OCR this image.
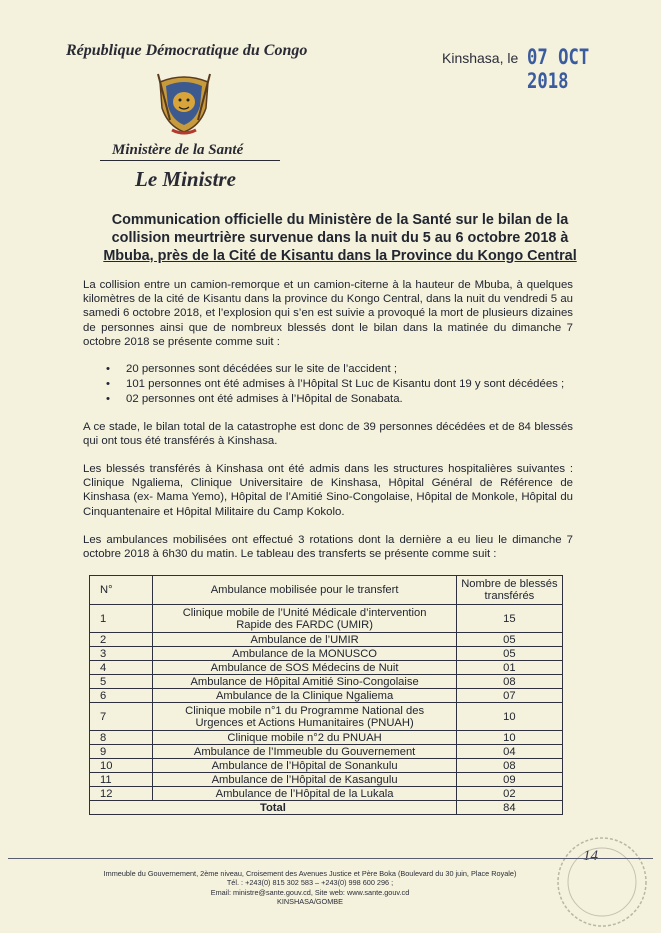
République Démocratique du Congo	Kinshasa, le 07 OCT 2018
Ministère de la Santé
Le Ministre
Communication officielle du Ministère de la Santé sur le bilan de la
collision meurtrière survenue dans la nuit du 5 au 6 octobre 2018 à
Mbuba, près de la Cité de Kisantu dans la Province du Kongo Central
La collision entre un camion-remorque et un camion-citerne à la hauteur de Mbuba, à quelques kilomètres de la cité de Kisantu dans la province du Kongo Central, dans la nuit du vendredi 5 au samedi 6 octobre 2018, et l’explosion qui s’en est suivie a provoqué la mort de plusieurs dizaines de personnes ainsi que de nombreux blessés dont le bilan dans la matinée du dimanche 7 octobre 2018 se présente comme suit :
• 20 personnes sont décédées sur le site de l’accident ;
• 101 personnes ont été admises à l’Hôpital St Luc de Kisantu dont 19 y sont décédées ;
• 02 personnes ont été admises à l’Hôpital de Sonabata.
A ce stade, le bilan total de la catastrophe est donc de 39 personnes décédées et de 84 blessés qui ont tous été transférés à Kinshasa.
Les blessés transférés à Kinshasa ont été admis dans les structures hospitalières suivantes : Clinique Ngaliema, Clinique Universitaire de Kinshasa, Hôpital Général de Référence de Kinshasa (ex- Mama Yemo), Hôpital de l’Amitié Sino-Congolaise, Hôpital de Monkole, Hôpital du Cinquantenaire et Hôpital Militaire du Camp Kokolo.
Les ambulances mobilisées ont effectué 3 rotations dont la dernière a eu lieu le dimanche 7 octobre 2018 à 6h30 du matin. Le tableau des transferts se présente comme suit :
N°	Ambulance mobilisée pour le transfert	Nombre de blessés
transférés

1	Clinique mobile de l’Unité Médicale d’intervention
Rapide des FARDC (UMIR)	15
2	Ambulance de l’UMIR	05
3	Ambulance de la MONUSCO	05
4	Ambulance de SOS Médecins de Nuit	01
5	Ambulance de Hôpital Amitié Sino-Congolaise	08
6	Ambulance de la Clinique Ngaliema	07
7	Clinique mobile n°1 du Programme National des
Urgences et Actions Humanitaires (PNUAH)	10
8	Clinique mobile n°2 du PNUAH	10
9	Ambulance de l’Immeuble du Gouvernement	04
10	Ambulance de l’Hôpital de Sonankulu	08
11	Ambulance de l’Hôpital de Kasangulu	09
12	Ambulance de l’Hôpital de la Lukala	02
Total		84
14
Immeuble du Gouvernement, 2ème niveau, Croisement des Avenues Justice et Père Boka (Boulevard du 30 juin, Place Royale)
Tél. : +243(0) 815 302 583 – +243(0) 998 600 296 ;
Email: ministre@sante.gouv.cd, Site web: www.sante.gouv.cd
KINSHASA/GOMBE
